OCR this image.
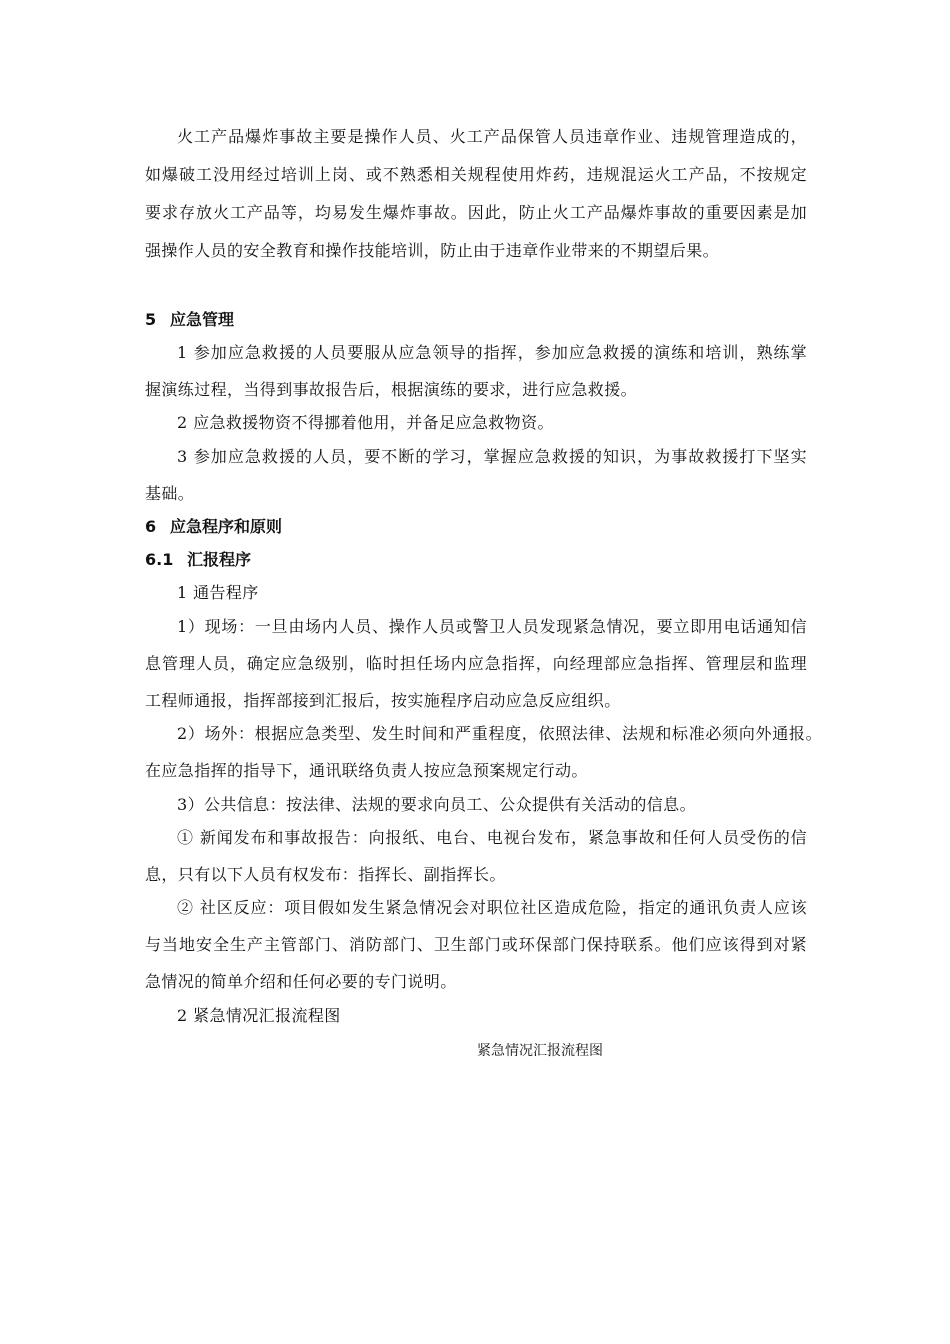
火工产品爆炸事故主要是操作人员、火工产品保管人员违章作业、违规管理造成的，
如爆破工没用经过培训上岗、或不熟悉相关规程使用炸药，违规混运火工产品，不按规定
要求存放火工产品等，均易发生爆炸事故。因此，防止火工产品爆炸事故的重要因素是加
强操作人员的安全教育和操作技能培训，防止由于违章作业带来的不期望后果。
5 应急管理
1 参加应急救援的人员要服从应急领导的指挥，参加应急救援的演练和培训，熟练掌
握演练过程，当得到事故报告后，根据演练的要求，进行应急救援。
2 应急救援物资不得挪着他用，并备足应急救物资。
3 参加应急救援的人员，要不断的学习，掌握应急救援的知识，为事故救援打下坚实
基础。
6 应急程序和原则
6.1 汇报程序
1 通告程序
1）现场：一旦由场内人员、操作人员或警卫人员发现紧急情况，要立即用电话通知信
息管理人员，确定应急级别，临时担任场内应急指挥，向经理部应急指挥、管理层和监理
工程师通报，指挥部接到汇报后，按实施程序启动应急反应组织。
2）场外：根据应急类型、发生时间和严重程度，依照法律、法规和标准必须向外通报。
在应急指挥的指导下，通讯联络负责人按应急预案规定行动。
3）公共信息：按法律、法规的要求向员工、公众提供有关活动的信息。
① 新闻发布和事故报告：向报纸、电台、电视台发布，紧急事故和任何人员受伤的信
息，只有以下人员有权发布：指挥长、副指挥长。
② 社区反应：项目假如发生紧急情况会对职位社区造成危险，指定的通讯负责人应该
与当地安全生产主管部门、消防部门、卫生部门或环保部门保持联系。他们应该得到对紧
急情况的简单介绍和任何必要的专门说明。
2 紧急情况汇报流程图
紧急情况汇报流程图
